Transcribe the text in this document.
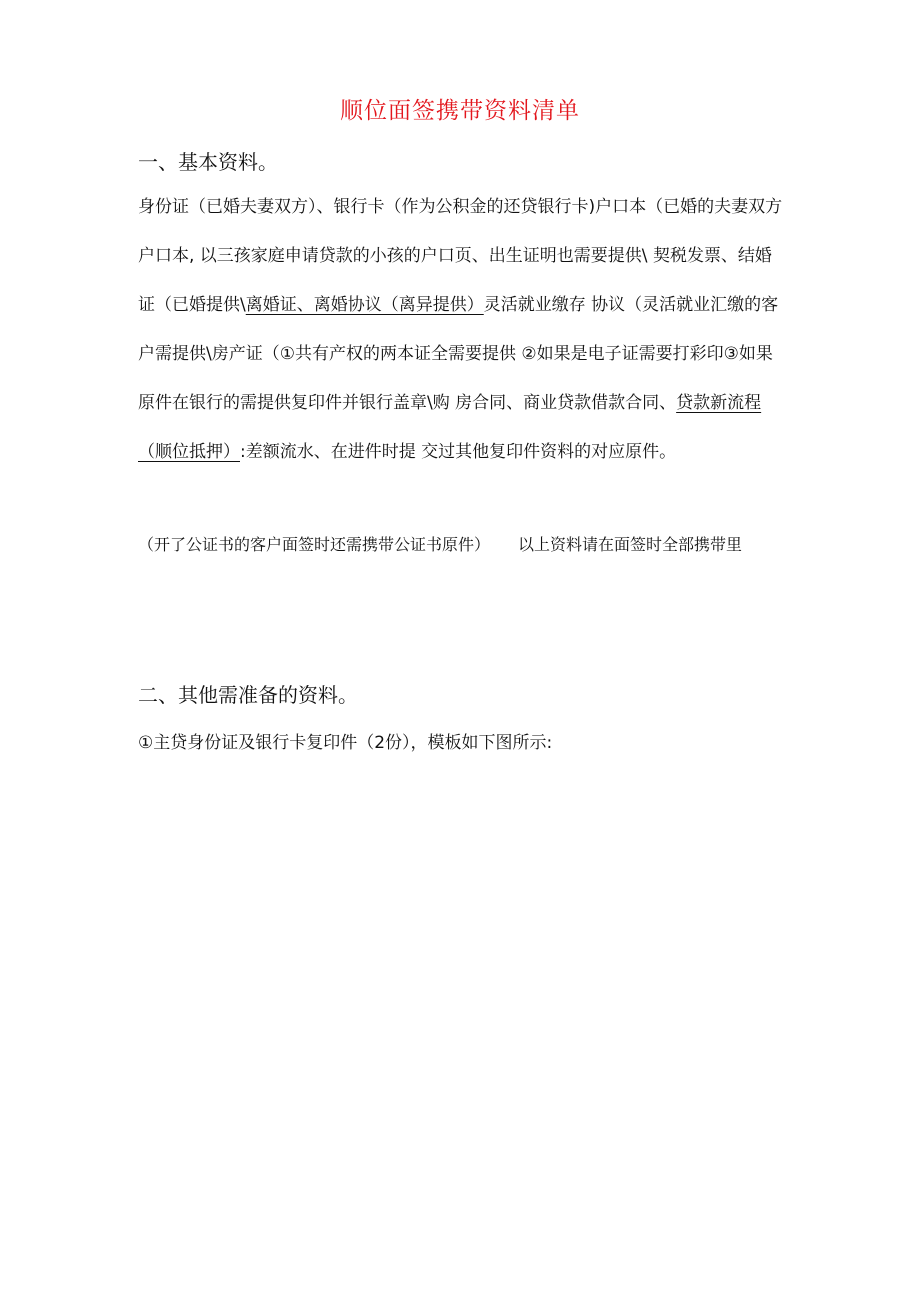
顺位面签携带资料清单
一、基本资料。

身份证（已婚夫妻双方）、银行卡（作为公积金的还贷银行卡)户口本（已婚的夫妻双方户口本, 以三孩家庭申请贷款的小孩的户口页、出生证明也需要提供\ 契税发票、结婚证（已婚提供\离婚证、离婚协议（离异提供）灵活就业缴存 协议（灵活就业汇缴的客户需提供\房产证（①共有产权的两本证全需要提供 ②如果是电子证需要打彩印③如果原件在银行的需提供复印件并银行盖章\购 房合同、商业贷款借款合同、贷款新流程（顺位抵押）:差额流水、在进件时提 交过其他复印件资料的对应原件。

（开了公证书的客户面签时还需携带公证书原件） 以上资料请在面签时全部携带里
二、其他需准备的资料。
①主贷身份证及银行卡复印件（2份），模板如下图所示:
